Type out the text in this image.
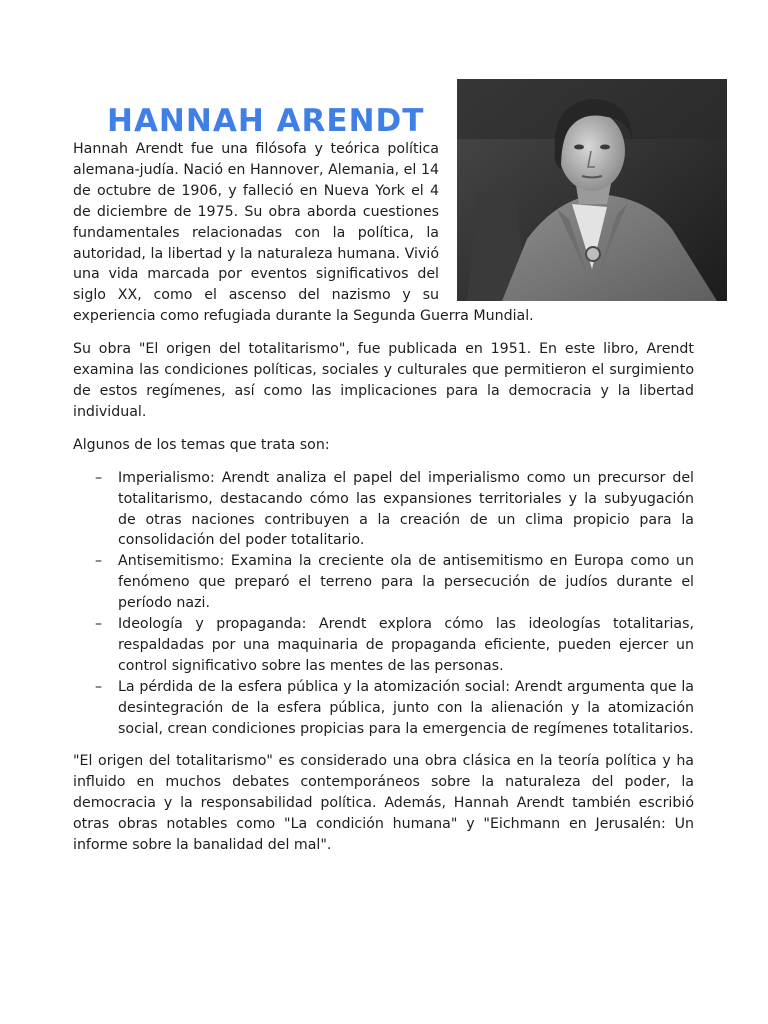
HANNAH ARENDT

Hannah Arendt fue una filósofa y teórica política alemana-judía. Nació en Hannover, Alemania, el 14 de octubre de 1906, y falleció en Nueva York el 4 de diciembre de 1975. Su obra aborda cuestiones fundamentales relacionadas con la política, la autoridad, la libertad y la naturaleza humana. Vivió una vida marcada por eventos significativos del siglo XX, como el ascenso del nazismo y su experiencia como refugiada durante la Segunda Guerra Mundial.

Su obra "El origen del totalitarismo", fue publicada en 1951. En este libro, Arendt examina las condiciones políticas, sociales y culturales que permitieron el surgimiento de estos regímenes, así como las implicaciones para la democracia y la libertad individual.

Algunos de los temas que trata son:

– Imperialismo: Arendt analiza el papel del imperialismo como un precursor del totalitarismo, destacando cómo las expansiones territoriales y la subyugación de otras naciones contribuyen a la creación de un clima propicio para la consolidación del poder totalitario.
– Antisemitismo: Examina la creciente ola de antisemitismo en Europa como un fenómeno que preparó el terreno para la persecución de judíos durante el período nazi.
– Ideología y propaganda: Arendt explora cómo las ideologías totalitarias, respaldadas por una maquinaria de propaganda eficiente, pueden ejercer un control significativo sobre las mentes de las personas.
– La pérdida de la esfera pública y la atomización social: Arendt argumenta que la desintegración de la esfera pública, junto con la alienación y la atomización social, crean condiciones propicias para la emergencia de regímenes totalitarios.

"El origen del totalitarismo" es considerado una obra clásica en la teoría política y ha influido en muchos debates contemporáneos sobre la naturaleza del poder, la democracia y la responsabilidad política. Además, Hannah Arendt también escribió otras obras notables como "La condición humana" y "Eichmann en Jerusalén: Un informe sobre la banalidad del mal".
